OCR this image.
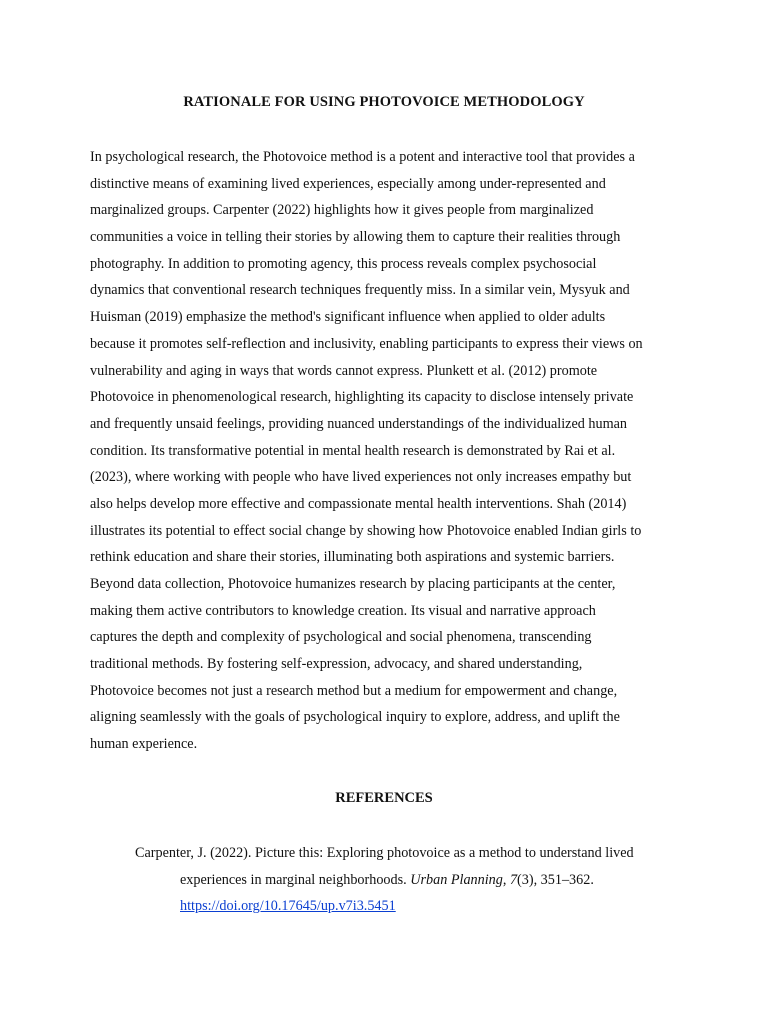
RATIONALE FOR USING PHOTOVOICE METHODOLOGY
In psychological research, the Photovoice method is a potent and interactive tool that provides a
distinctive means of examining lived experiences, especially among under-represented and
marginalized groups. Carpenter (2022) highlights how it gives people from marginalized
communities a voice in telling their stories by allowing them to capture their realities through
photography. In addition to promoting agency, this process reveals complex psychosocial
dynamics that conventional research techniques frequently miss. In a similar vein, Mysyuk and
Huisman (2019) emphasize the method's significant influence when applied to older adults
because it promotes self-reflection and inclusivity, enabling participants to express their views on
vulnerability and aging in ways that words cannot express. Plunkett et al. (2012) promote
Photovoice in phenomenological research, highlighting its capacity to disclose intensely private
and frequently unsaid feelings, providing nuanced understandings of the individualized human
condition. Its transformative potential in mental health research is demonstrated by Rai et al.
(2023), where working with people who have lived experiences not only increases empathy but
also helps develop more effective and compassionate mental health interventions. Shah (2014)
illustrates its potential to effect social change by showing how Photovoice enabled Indian girls to
rethink education and share their stories, illuminating both aspirations and systemic barriers.
Beyond data collection, Photovoice humanizes research by placing participants at the center,
making them active contributors to knowledge creation. Its visual and narrative approach
captures the depth and complexity of psychological and social phenomena, transcending
traditional methods. By fostering self-expression, advocacy, and shared understanding,
Photovoice becomes not just a research method but a medium for empowerment and change,
aligning seamlessly with the goals of psychological inquiry to explore, address, and uplift the
human experience.
REFERENCES
Carpenter, J. (2022). Picture this: Exploring photovoice as a method to understand lived
experiences in marginal neighborhoods. Urban Planning, 7(3), 351–362.
https://doi.org/10.17645/up.v7i3.5451
